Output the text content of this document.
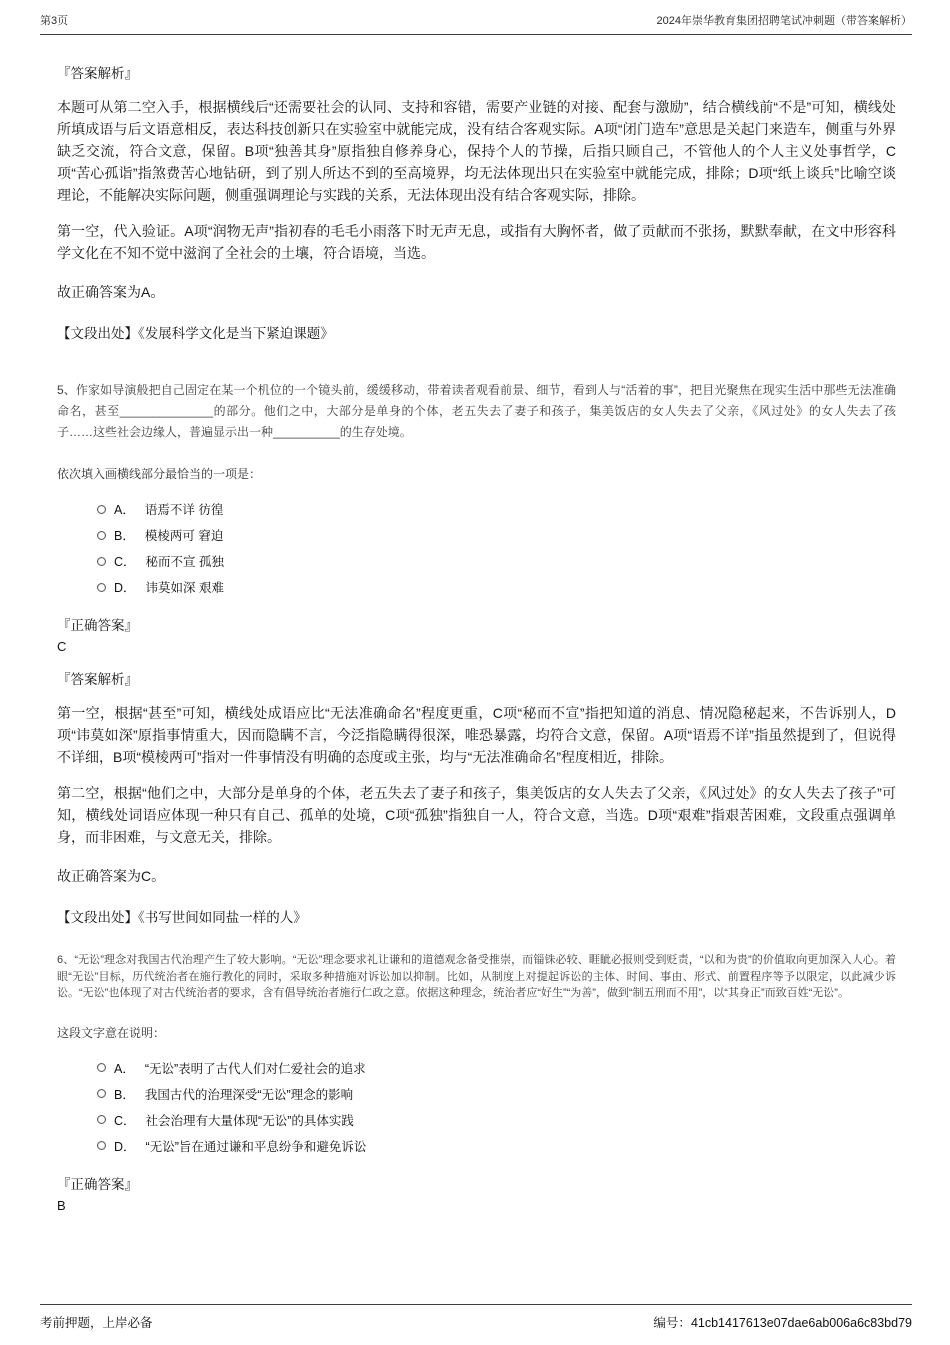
第3页	2024年崇华教育集团招聘笔试冲刺题（带答案解析）
『答案解析』

本题可从第二空入手，根据横线后“还需要社会的认同、支持和容错，需要产业链的对接、配套与激励”，结合横线前“不是”可知，横线处所填成语与后文语意相反，表达科技创新只在实验室中就能完成，没有结合客观实际。A项“闭门造车”意思是关起门来造车，侧重与外界缺乏交流，符合文意，保留。B项“独善其身”原指独自修养身心，保持个人的节操，后指只顾自己，不管他人的个人主义处事哲学，C项“苦心孤诣”指煞费苦心地钻研，到了别人所达不到的至高境界，均无法体现出只在实验室中就能完成，排除；D项“纸上谈兵”比喻空谈理论，不能解决实际问题，侧重强调理论与实践的关系，无法体现出没有结合客观实际，排除。

第一空，代入验证。A项“润物无声”指初春的毛毛小雨落下时无声无息，或指有大胸怀者，做了贡献而不张扬，默默奉献，在文中形容科学文化在不知不觉中滋润了全社会的土壤，符合语境，当选。

故正确答案为A。

【文段出处】《发展科学文化是当下紧迫课题》

5、作家如导演般把自己固定在某一个机位的一个镜头前，缓缓移动，带着读者观看前景、细节，看到人与“活着的事”，把目光聚焦在现实生活中那些无法准确命名，甚至______________的部分。他们之中，大部分是单身的个体，老五失去了妻子和孩子，集美饭店的女人失去了父亲，《风过处》的女人失去了孩子……这些社会边缘人，普遍显示出一种__________的生存处境。

依次填入画横线部分最恰当的一项是：

A． 语焉不详 彷徨
B． 模棱两可 窘迫
C． 秘而不宣 孤独
D． 讳莫如深 艰难
『正确答案』
C
『答案解析』

第一空，根据“甚至”可知，横线处成语应比“无法准确命名”程度更重，C项“秘而不宣”指把知道的消息、情况隐秘起来，不告诉别人，D项“讳莫如深”原指事情重大，因而隐瞒不言，今泛指隐瞒得很深，唯恐暴露，均符合文意，保留。A项“语焉不详”指虽然提到了，但说得不详细，B项“模棱两可”指对一件事情没有明确的态度或主张，均与“无法准确命名”程度相近，排除。

第二空，根据“他们之中，大部分是单身的个体，老五失去了妻子和孩子，集美饭店的女人失去了父亲，《风过处》的女人失去了孩子”可知，横线处词语应体现一种只有自己、孤单的处境，C项“孤独”指独自一人，符合文意，当选。D项“艰难”指艰苦困难，文段重点强调单身，而非困难，与文意无关，排除。

故正确答案为C。

【文段出处】《书写世间如同盐一样的人》

6、“无讼”理念对我国古代治理产生了较大影响。“无讼”理念要求礼让谦和的道德观念备受推崇，而锱铢必较、睚眦必报则受到贬责，“以和为贵”的价值取向更加深入人心。着眼“无讼”目标，历代统治者在施行教化的同时，采取多种措施对诉讼加以抑制。比如，从制度上对提起诉讼的主体、时间、事由、形式、前置程序等予以限定，以此减少诉讼。“无讼”也体现了对古代统治者的要求，含有倡导统治者施行仁政之意。依据这种理念，统治者应“好生”“为善”，做到“制五刑而不用”，以“其身正”而致百姓“无讼”。

这段文字意在说明：

A． “无讼”表明了古代人们对仁爱社会的追求
B． 我国古代的治理深受“无讼”理念的影响
C． 社会治理有大量体现“无讼”的具体实践
D． “无讼”旨在通过谦和平息纷争和避免诉讼
『正确答案』
B
考前押题，上岸必备	编号：41cb1417613e07dae6ab006a6c83bd79
